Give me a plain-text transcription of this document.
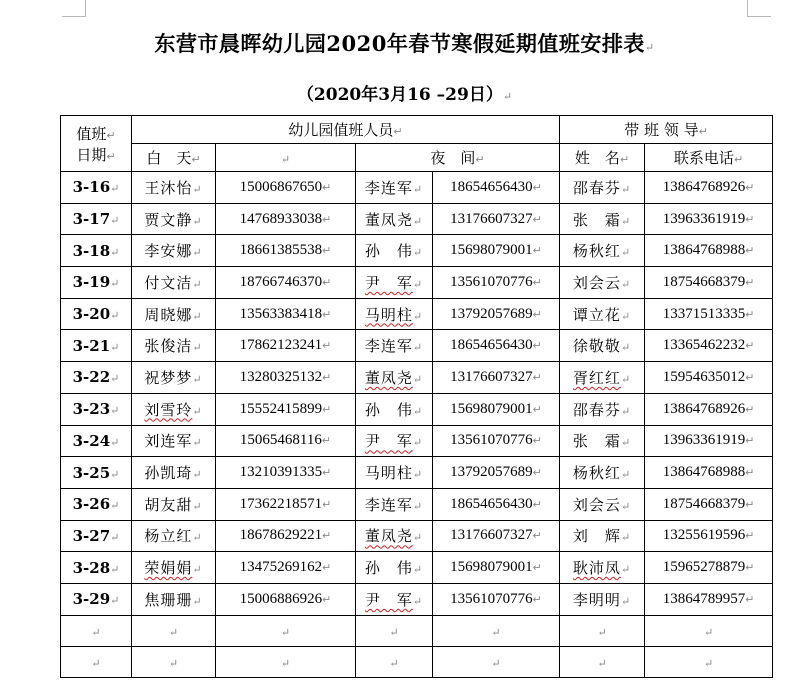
东营市晨晖幼儿园2020年春节寒假延期值班安排表↵
（2020年3月16 –29日）↵
值班↵
日期↵	幼儿园值班人员↵				带 班 领 导↵	
	白　天↵	↵	夜　间↵		姓　名↵	联系电话↵
3-16↵	王沐怡↵	15006867650↵	李连军↵	18654656430↵	邵春芬↵	13864768926↵
3-17↵	贾文静↵	14768933038↵	董凤尧↵	13176607327↵	张　霜↵	13963361919↵
3-18↵	李安娜↵	18661385538↵	孙　伟↵	15698079001↵	杨秋红↵	13864768988↵
3-19↵	付文洁↵	18766746370↵	尹　军↵	13561070776↵	刘会云↵	18754668379↵
3-20↵	周晓娜↵	13563383418↵	马明柱↵	13792057689↵	谭立花↵	13371513335↵
3-21↵	张俊洁↵	17862123241↵	李连军↵	18654656430↵	徐敬敬↵	13365462232↵
3-22↵	祝梦梦↵	13280325132↵	董凤尧↵	13176607327↵	胥红红↵	15954635012↵
3-23↵	刘雪玲↵	15552415899↵	孙　伟↵	15698079001↵	邵春芬↵	13864768926↵
3-24↵	刘连军↵	15065468116↵	尹　军↵	13561070776↵	张　霜↵	13963361919↵
3-25↵	孙凯琦↵	13210391335↵	马明柱↵	13792057689↵	杨秋红↵	13864768988↵
3-26↵	胡友甜↵	17362218571↵	李连军↵	18654656430↵	刘会云↵	18754668379↵
3-27↵	杨立红↵	18678629221↵	董凤尧↵	13176607327↵	刘　辉↵	13255619596↵
3-28↵	荣娟娟↵	13475269162↵	孙　伟↵	15698079001↵	耿沛凤↵	15965278879↵
3-29↵	焦珊珊↵	15006886926↵	尹　军↵	13561070776↵	李明明↵	13864789957↵
↵	↵	↵	↵	↵	↵	↵
↵	↵	↵	↵	↵	↵	↵
